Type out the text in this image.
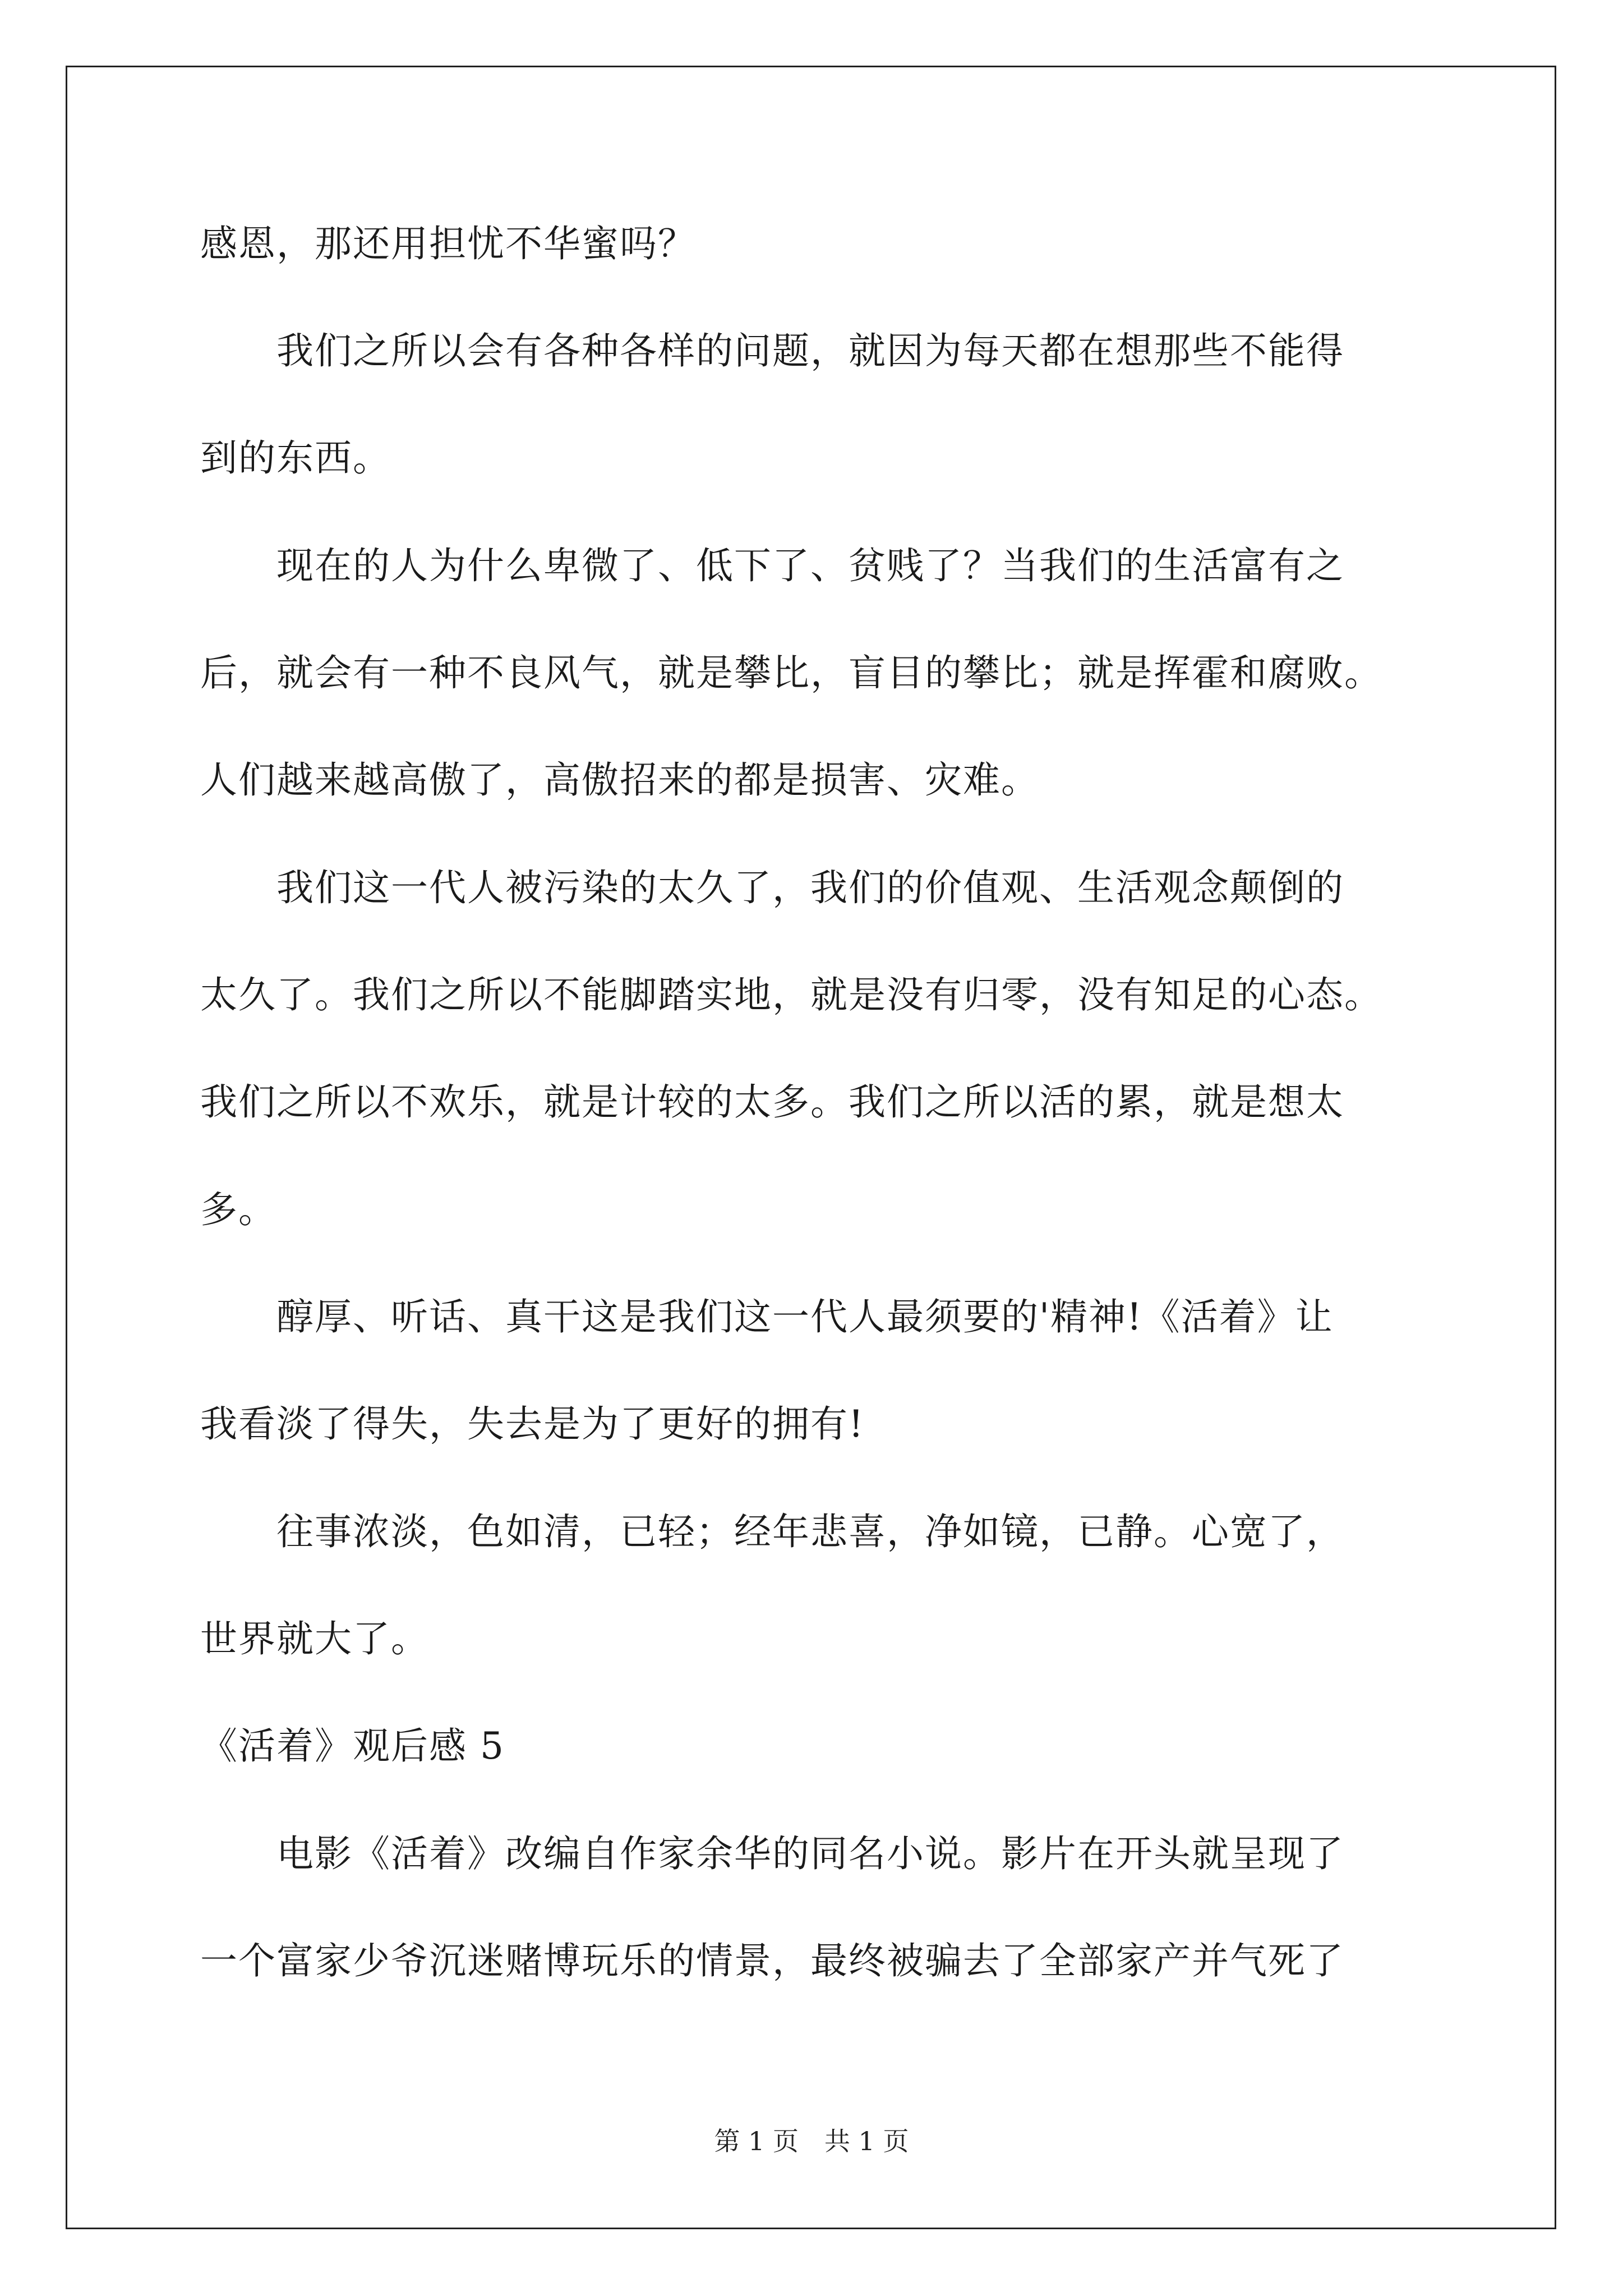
感恩，那还用担忧不华蜜吗？
　　我们之所以会有各种各样的问题，就因为每天都在想那些不能得
到的东西。
　　现在的人为什么卑微了、低下了、贫贱了？当我们的生活富有之
后，就会有一种不良风气，就是攀比，盲目的攀比；就是挥霍和腐败。
人们越来越高傲了，高傲招来的都是损害、灾难。
　　我们这一代人被污染的太久了，我们的价值观、生活观念颠倒的
太久了。我们之所以不能脚踏实地，就是没有归零，没有知足的心态。
我们之所以不欢乐，就是计较的太多。我们之所以活的累，就是想太
多。
　　醇厚、听话、真干这是我们这一代人最须要的'精神!《活着》让
我看淡了得失，失去是为了更好的拥有!
　　往事浓淡，色如清，已轻；经年悲喜，净如镜，已静。心宽了，
世界就大了。
《活着》观后感 5
　　电影《活着》改编自作家余华的同名小说。影片在开头就呈现了
一个富家少爷沉迷赌博玩乐的情景，最终被骗去了全部家产并气死了
第 1 页　共 1 页
